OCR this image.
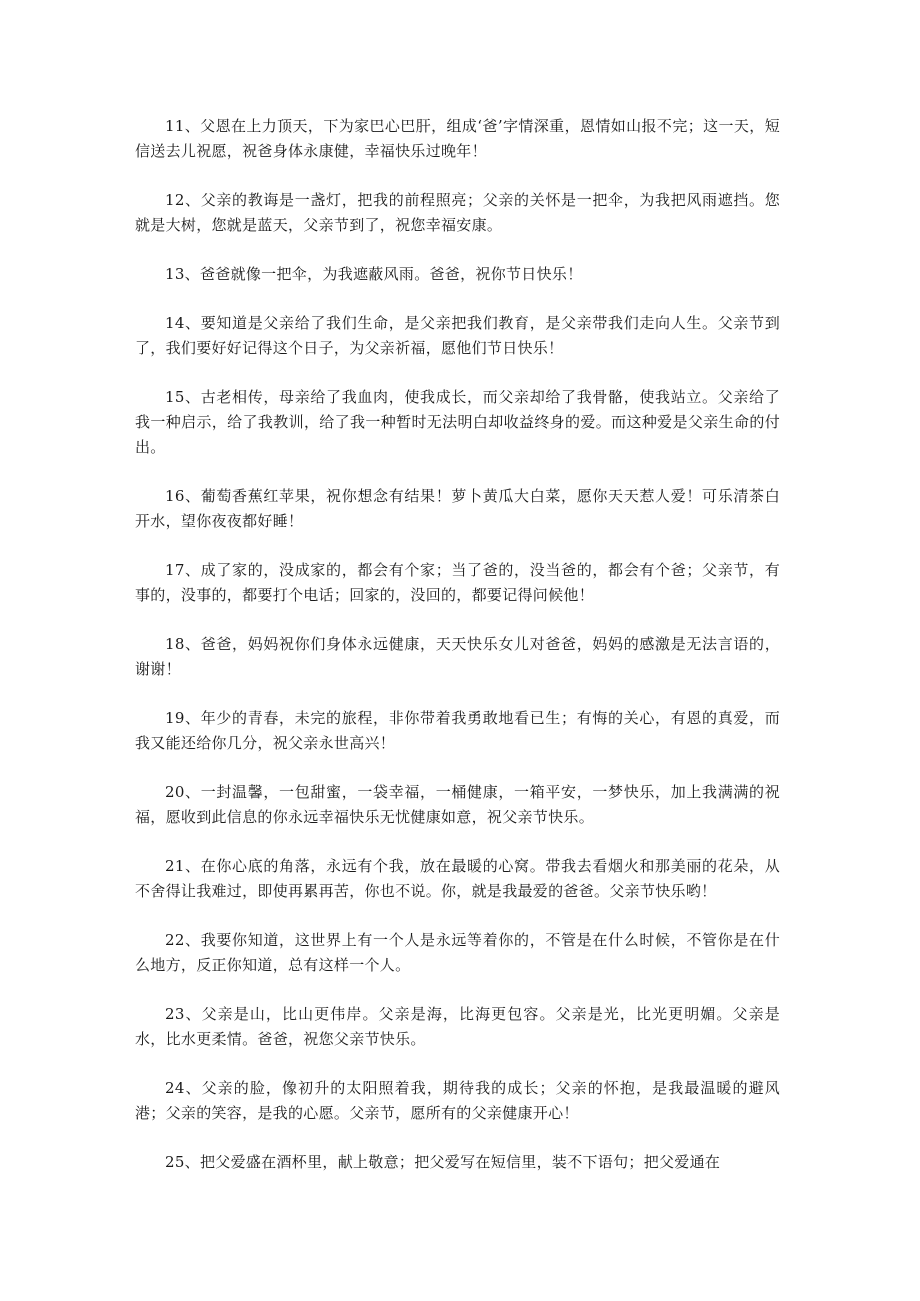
11、父恩在上力顶天，下为家巴心巴肝，组成‘爸’字情深重，恩情如山报不完；这一天，短信送去儿祝愿，祝爸身体永康健，幸福快乐过晚年！

12、父亲的教诲是一盏灯，把我的前程照亮；父亲的关怀是一把伞，为我把风雨遮挡。您就是大树，您就是蓝天，父亲节到了，祝您幸福安康。

13、爸爸就像一把伞，为我遮蔽风雨。爸爸，祝你节日快乐！

14、要知道是父亲给了我们生命，是父亲把我们教育，是父亲带我们走向人生。父亲节到了，我们要好好记得这个日子，为父亲祈福，愿他们节日快乐！

15、古老相传，母亲给了我血肉，使我成长，而父亲却给了我骨骼，使我站立。父亲给了我一种启示，给了我教训，给了我一种暂时无法明白却收益终身的爱。而这种爱是父亲生命的付出。

16、葡萄香蕉红苹果，祝你想念有结果！萝卜黄瓜大白菜，愿你天天惹人爱！可乐清茶白开水，望你夜夜都好睡！

17、成了家的，没成家的，都会有个家；当了爸的，没当爸的，都会有个爸；父亲节，有事的，没事的，都要打个电话；回家的，没回的，都要记得问候他！

18、爸爸，妈妈祝你们身体永远健康，天天快乐女儿对爸爸，妈妈的感激是无法言语的，谢谢！

19、年少的青春，未完的旅程，非你带着我勇敢地看已生；有悔的关心，有恩的真爱，而我又能还给你几分，祝父亲永世高兴！

20、一封温馨，一包甜蜜，一袋幸福，一桶健康，一箱平安，一梦快乐，加上我满满的祝福，愿收到此信息的你永远幸福快乐无忧健康如意，祝父亲节快乐。

21、在你心底的角落，永远有个我，放在最暖的心窝。带我去看烟火和那美丽的花朵，从不舍得让我难过，即使再累再苦，你也不说。你，就是我最爱的爸爸。父亲节快乐哟！

22、我要你知道，这世界上有一个人是永远等着你的，不管是在什么时候，不管你是在什么地方，反正你知道，总有这样一个人。

23、父亲是山，比山更伟岸。父亲是海，比海更包容。父亲是光，比光更明媚。父亲是水，比水更柔情。爸爸，祝您父亲节快乐。

24、父亲的脸，像初升的太阳照着我，期待我的成长；父亲的怀抱，是我最温暖的避风港；父亲的笑容，是我的心愿。父亲节，愿所有的父亲健康开心！

25、把父爱盛在酒杯里，献上敬意；把父爱写在短信里，装不下语句；把父爱通在
